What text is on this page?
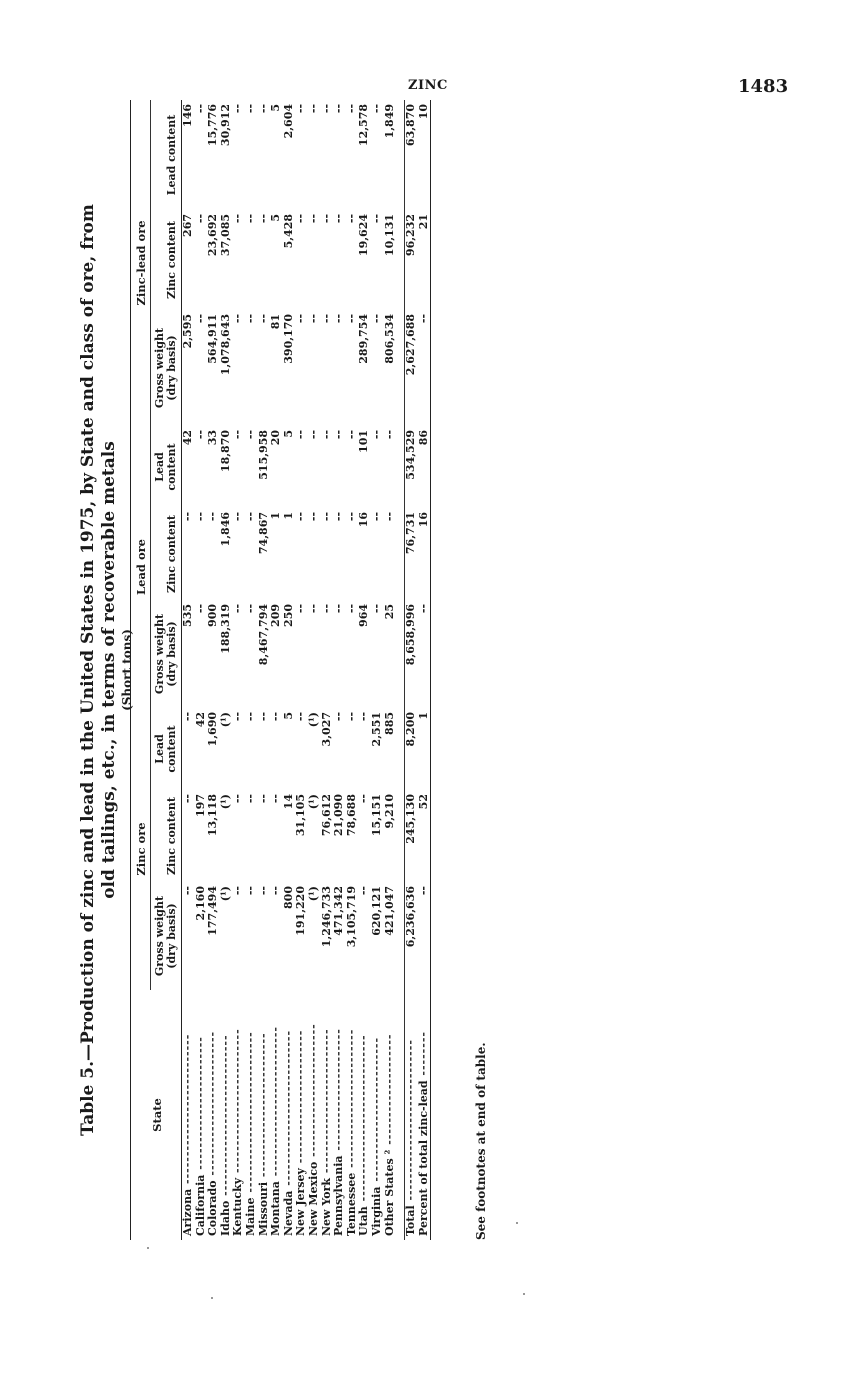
ZINC	1483
Table 5.—Production of zinc and lead in the United States in 1975, by State and class of ore, from old tailings, etc., in terms of recoverable metals (Short tons)
State	Zinc ore			Lead ore			Zinc-lead ore		
	Gross weight (dry basis)	Zinc content	Lead content	Gross weight (dry basis)	Zinc content	Lead content	Gross weight (dry basis)	Zinc content	Lead content
Arizona ---------------------------	--	--	--	535	--	42	2,595	267	146
California ------------------------	2,160	197	42	--	--	--	--	--	--
Colorado --------------------------	177,494	13,118	1,690	900	--	33	564,911	23,692	15,776
Idaho -----------------------------	(¹)	(¹)	(¹)	188,319	1,846	18,870	1,078,643	37,085	30,912
Kentucky --------------------------	--	--	--	--	--	--	--	--	--
Maine -----------------------------	--	--	--	--	--	--	--	--	--
Missouri --------------------------	--	--	--	8,467,794	74,867	515,958	--	--	--
Montana ---------------------------	--	--	--	209	1	20	81	5	5
Nevada ----------------------------	800	14	5	250	1	5	390,170	5,428	2,604
New Jersey ------------------------	191,220	31,105	--	--	--	--	--	--	--
New Mexico ------------------------	(¹)	(¹)	(¹)	--	--	--	--	--	--
New York --------------------------	1,246,733	76,612	3,027	--	--	--	--	--	--
Pennsylvania ----------------------	471,342	21,090	--	--	--	--	--	--	--
Tennessee -------------------------	3,105,719	78,688	--	--	--	--	--	--	--
Utah ------------------------------	--	--	--	964	16	101	289,754	19,624	12,578
Virginia --------------------------	620,121	15,151	2,551	--	--	--	--	--	--
Other States ² --------------------	421,047	9,210	885	25	--	--	806,534	10,131	1,849

Total -----------------------------	6,236,636	245,130	8,200	8,658,996	76,731	534,529	2,627,688	96,232	63,870
Percent of total zinc-lead --------	--	52	1	--	16	86	--	21	10
See footnotes at end of table.
